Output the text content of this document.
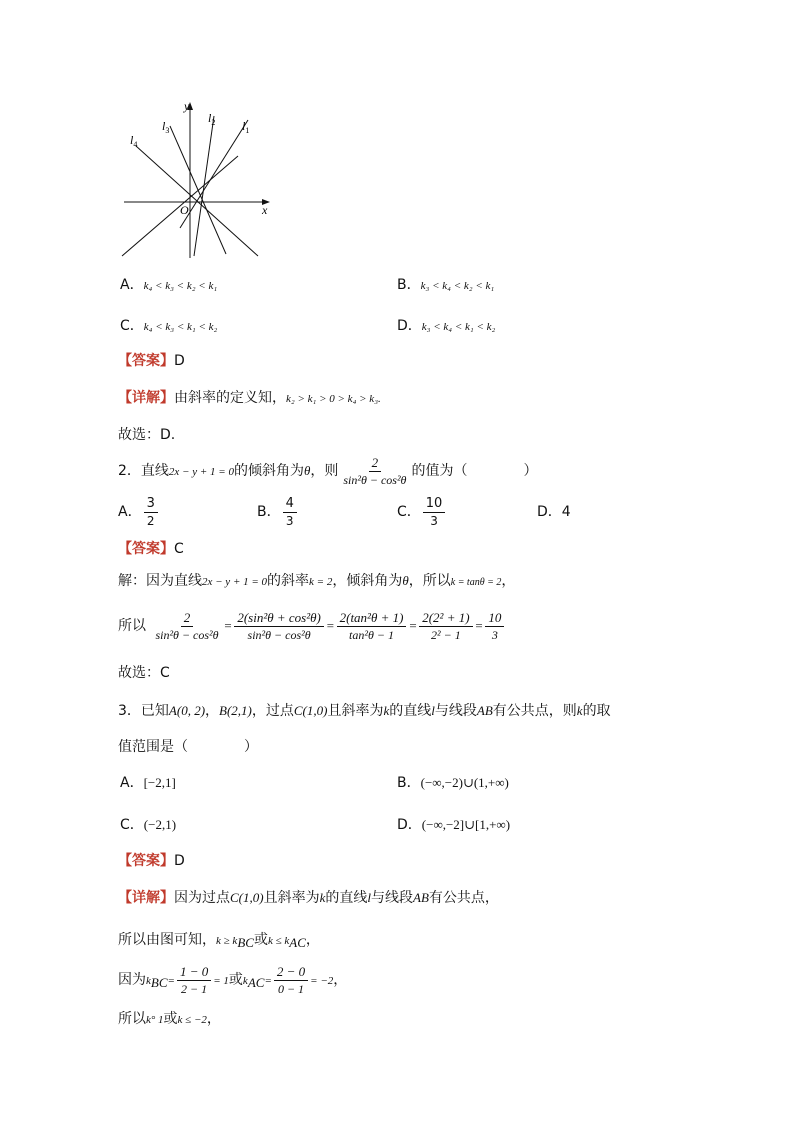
y
x
O
$l_3$
$l_2$ $l_1$
$l_4$
A．k₄ < k₃ < k₂ < k₁	B．k₃ < k₄ < k₂ < k₁
C．k₄ < k₃ < k₁ < k₂	D．k₃ < k₄ < k₁ < k₂
【答案】D
【详解】由斜率的定义知，k₂ > k₁ > 0 > k₄ > k₃.
故选：D.
2．直线2x − y + 1 = 0的倾斜角为θ，则 $\frac{2}{\text{sin²θ − cos²θ}}$ 的值为（　　　　）
A． $\frac{3}{2}$	B． $\frac{4}{3}$	C． $\frac{10}{3}$	D．4
【答案】C
解：因为直线2x − y + 1 = 0的斜率k = 2，倾斜角为θ，所以k = tanθ = 2，
所以 $\frac{2}{\text{sin²θ − cos²θ}} = \frac{\text{2(sin²θ + cos²θ)}}{\text{sin²θ − cos²θ}} = \frac{\text{2(tan²θ + 1)}}{\text{tan²θ − 1}} = \frac{\text{2(2² + 1)}}{\text{2² − 1}} = \frac{10}{3}$
故选：C
3．已知A(0, 2)，B(2,1)，过点C(1,0)且斜率为k的直线l与线段AB有公共点，则k的取
值范围是（　　　　）
A．[−2,1]	B．(−∞,−2)∪(1,+∞)
C．(−2,1)	D．(−∞,−2]∪[1,+∞)
【答案】D
【详解】因为过点C(1,0)且斜率为k的直线l与线段AB有公共点，
所以由图可知，$k \ge k_{BC}$或$k \le k_{AC}$，
因为$k_{BC}= \frac{1 - 0}{2 - 1} = 1$或$k_{AC}= \frac{2 - 0}{0 - 1} = -2$，
所以k° 1或k ≤ −2，
